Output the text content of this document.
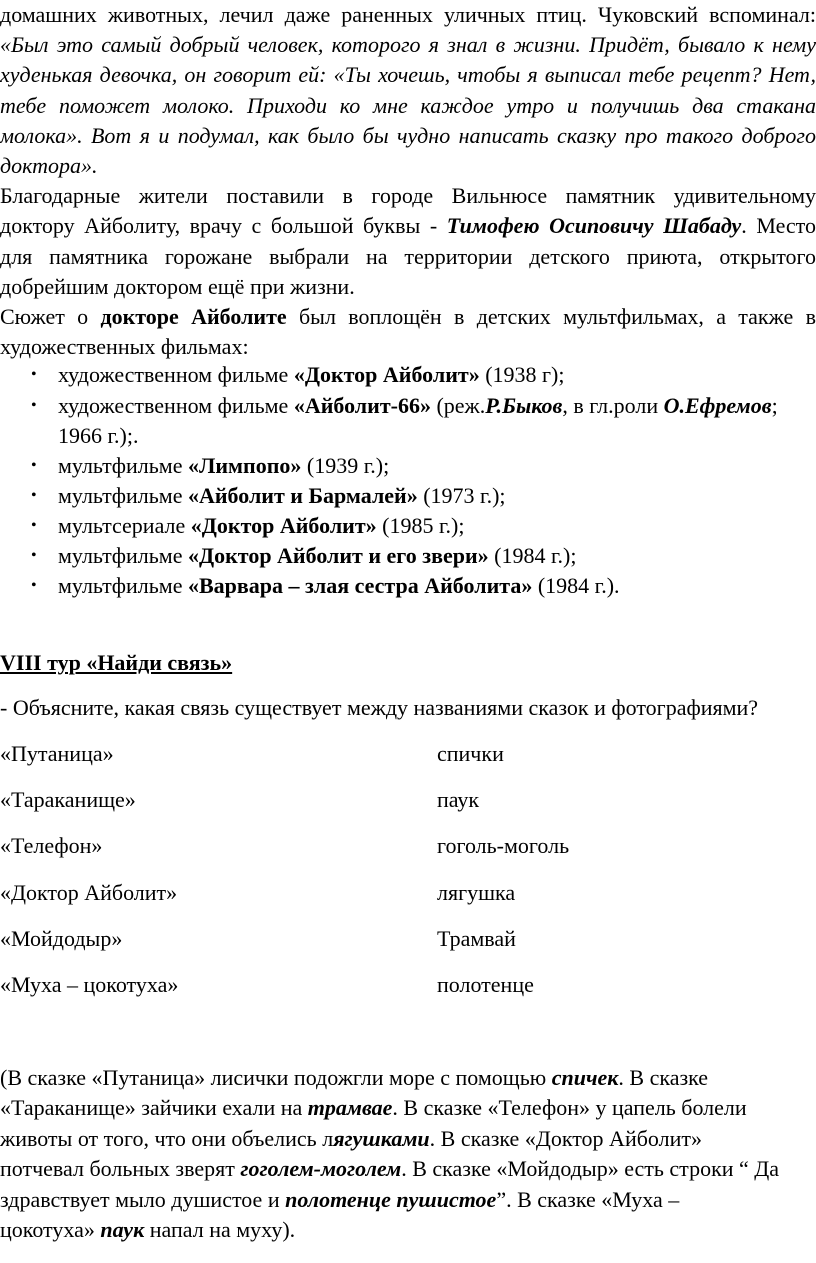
домашних животных, лечил даже раненных уличных птиц. Чуковский вспоминал:
«Был это самый добрый человек, которого я знал в жизни. Придёт, бывало к нему
худенькая девочка, он говорит ей: «Ты хочешь, чтобы я выписал тебе рецепт? Нет,
тебе поможет молоко. Приходи ко мне каждое утро и получишь два стакана
молока». Вот я и подумал, как было бы чудно написать сказку про такого доброго
доктора».
Благодарные жители поставили в городе Вильнюсе памятник удивительному
доктору Айболиту, врачу с большой буквы - Тимофею Осиповичу Шабаду. Место
для памятника горожане выбрали на территории детского приюта, открытого
добрейшим доктором ещё при жизни.
Сюжет о докторе Айболите был воплощён в детских мультфильмах, а также в
художественных фильмах:
• художественном фильме «Доктор Айболит» (1938 г);
• художественном фильме «Айболит-66» (реж.Р.Быков, в гл.роли О.Ефремов;
1966 г.);.
• мультфильме «Лимпопо» (1939 г.);
• мультфильме «Айболит и Бармалей» (1973 г.);
• мультсериале «Доктор Айболит» (1985 г.);
• мультфильме «Доктор Айболит и его звери» (1984 г.);
• мультфильме «Варвара – злая сестра Айболита» (1984 г.).
VIII тур «Найди связь»
- Объясните, какая связь существует между названиями сказок и фотографиями?
«Путаница»	спички
«Тараканище»	паук
«Телефон»	гоголь-моголь
«Доктор Айболит»	лягушка
«Мойдодыр»	Трамвай
«Муха – цокотуха»	полотенце
(В сказке «Путаница» лисички подожгли море с помощью спичек. В сказке
«Тараканище» зайчики ехали на трамвае. В сказке «Телефон» у цапель болели
животы от того, что они объелись лягушками. В сказке «Доктор Айболит»
потчевал больных зверят гоголем-моголем. В сказке «Мойдодыр» есть строки “ Да
здравствует мыло душистое и полотенце пушистое”. В сказке «Муха –
цокотуха» паук напал на муху).
